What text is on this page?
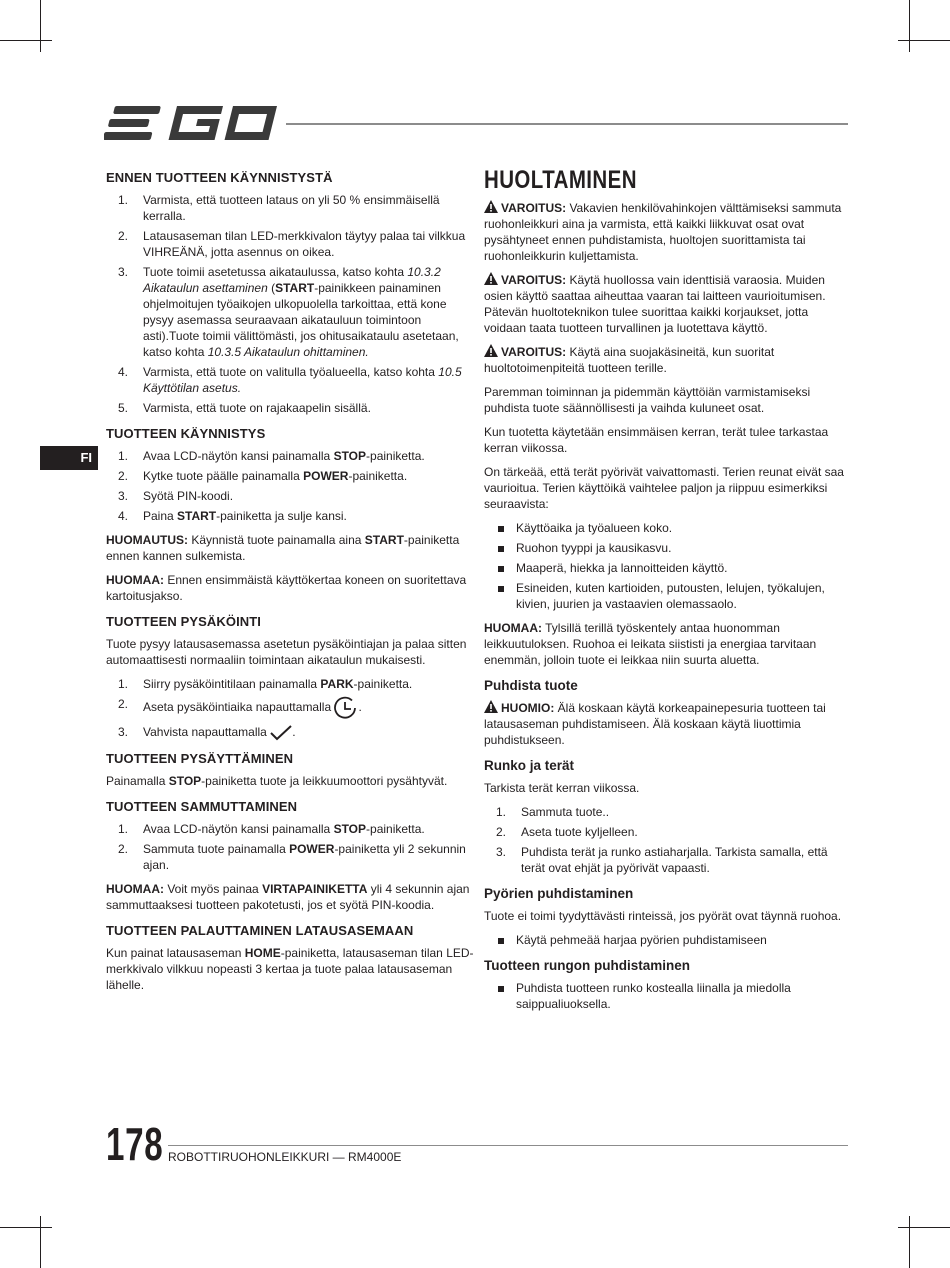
FI
ENNEN TUOTTEEN KÄYNNISTYSTÄ
1. Varmista, että tuotteen lataus on yli 50 % ensimmäisellä kerralla.
2. Latausaseman tilan LED-merkkivalon täytyy palaa tai vilkkua VIHREÄNÄ, jotta asennus on oikea.
3. Tuote toimii asetetussa aikataulussa, katso kohta 10.3.2 Aikataulun asettaminen (START-painikkeen painaminen ohjelmoitujen työaikojen ulkopuolella tarkoittaa, että kone pysyy asemassa seuraavaan aikatauluun toimintoon asti).Tuote toimii välittömästi, jos ohitusaikataulu asetetaan, katso kohta 10.3.5 Aikataulun ohittaminen.
4. Varmista, että tuote on valitulla työalueella, katso kohta 10.5 Käyttötilan asetus.
5. Varmista, että tuote on rajakaapelin sisällä.
TUOTTEEN KÄYNNISTYS
1. Avaa LCD-näytön kansi painamalla STOP-painiketta.
2. Kytke tuote päälle painamalla POWER-painiketta.
3. Syötä PIN-koodi.
4. Paina START-painiketta ja sulje kansi.

HUOMAUTUS: Käynnistä tuote painamalla aina START-painiketta ennen kannen sulkemista.

HUOMAA: Ennen ensimmäistä käyttökertaa koneen on suoritettava kartoitusjakso.

TUOTTEEN PYSÄKÖINTI

Tuote pysyy latausasemassa asetetun pysäköintiajan ja palaa sitten automaattisesti normaaliin toimintaan aikataulun mukaisesti.

1. Siirry pysäköintitilaan painamalla PARK-painiketta.
2. Aseta pysäköintiaika napauttamalla .
3. Vahvista napauttamalla .
TUOTTEEN PYSÄYTTÄMINEN

Painamalla STOP-painiketta tuote ja leikkuumoottori pysähtyvät.

TUOTTEEN SAMMUTTAMINEN
1. Avaa LCD-näytön kansi painamalla STOP-painiketta.
2. Sammuta tuote painamalla POWER-painiketta yli 2 sekunnin ajan.

HUOMAA: Voit myös painaa VIRTAPAINIKETTA yli 4 sekunnin ajan sammuttaaksesi tuotteen pakotetusti, jos et syötä PIN-koodia.

TUOTTEEN PALAUTTAMINEN LATAUSASEMAAN

Kun painat latausaseman HOME-painiketta, latausaseman tilan LED-merkkivalo vilkkuu nopeasti 3 kertaa ja tuote palaa latausaseman lähelle.

HUOLTAMINEN

VAROITUS: Vakavien henkilövahinkojen välttämiseksi sammuta ruohonleikkuri aina ja varmista, että kaikki liikkuvat osat ovat pysähtyneet ennen puhdistamista, huoltojen suorittamista tai ruohonleikkurin kuljettamista.

VAROITUS: Käytä huollossa vain identtisiä varaosia. Muiden osien käyttö saattaa aiheuttaa vaaran tai laitteen vaurioitumisen. Pätevän huoltoteknikon tulee suorittaa kaikki korjaukset, jotta voidaan taata tuotteen turvallinen ja luotettava käyttö.

VAROITUS: Käytä aina suojakäsineitä, kun suoritat huoltotoimenpiteitä tuotteen terille.

Paremman toiminnan ja pidemmän käyttöiän varmistamiseksi puhdista tuote säännöllisesti ja vaihda kuluneet osat.

Kun tuotetta käytetään ensimmäisen kerran, terät tulee tarkastaa kerran viikossa.

On tärkeää, että terät pyörivät vaivattomasti. Terien reunat eivät saa vaurioitua. Terien käyttöikä vaihtelee paljon ja riippuu esimerkiksi seuraavista:

Käyttöaika ja työalueen koko.
Ruohon tyyppi ja kausikasvu.
Maaperä, hiekka ja lannoitteiden käyttö.
Esineiden, kuten kartioiden, putousten, lelujen, työkalujen, kivien, juurien ja vastaavien olemassaolo.

HUOMAA: Tylsillä terillä työskentely antaa huonomman leikkuutuloksen. Ruohoa ei leikata siististi ja energiaa tarvitaan enemmän, jolloin tuote ei leikkaa niin suurta aluetta.

Puhdista tuote

HUOMIO: Älä koskaan käytä korkeapainepesuria tuotteen tai latausaseman puhdistamiseen. Älä koskaan käytä liuottimia puhdistukseen.

Runko ja terät

Tarkista terät kerran viikossa.

1. Sammuta tuote..
2. Aseta tuote kyljelleen.
3. Puhdista terät ja runko astiaharjalla. Tarkista samalla, että terät ovat ehjät ja pyörivät vapaasti.
Pyörien puhdistaminen

Tuote ei toimi tyydyttävästi rinteissä, jos pyörät ovat täynnä ruohoa.

Käytä pehmeää harjaa pyörien puhdistamiseen
Tuotteen rungon puhdistaminen
Puhdista tuotteen runko kostealla liinalla ja miedolla saippualiuoksella.
178 ROBOTTIRUOHONLEIKKURI — RM4000E
